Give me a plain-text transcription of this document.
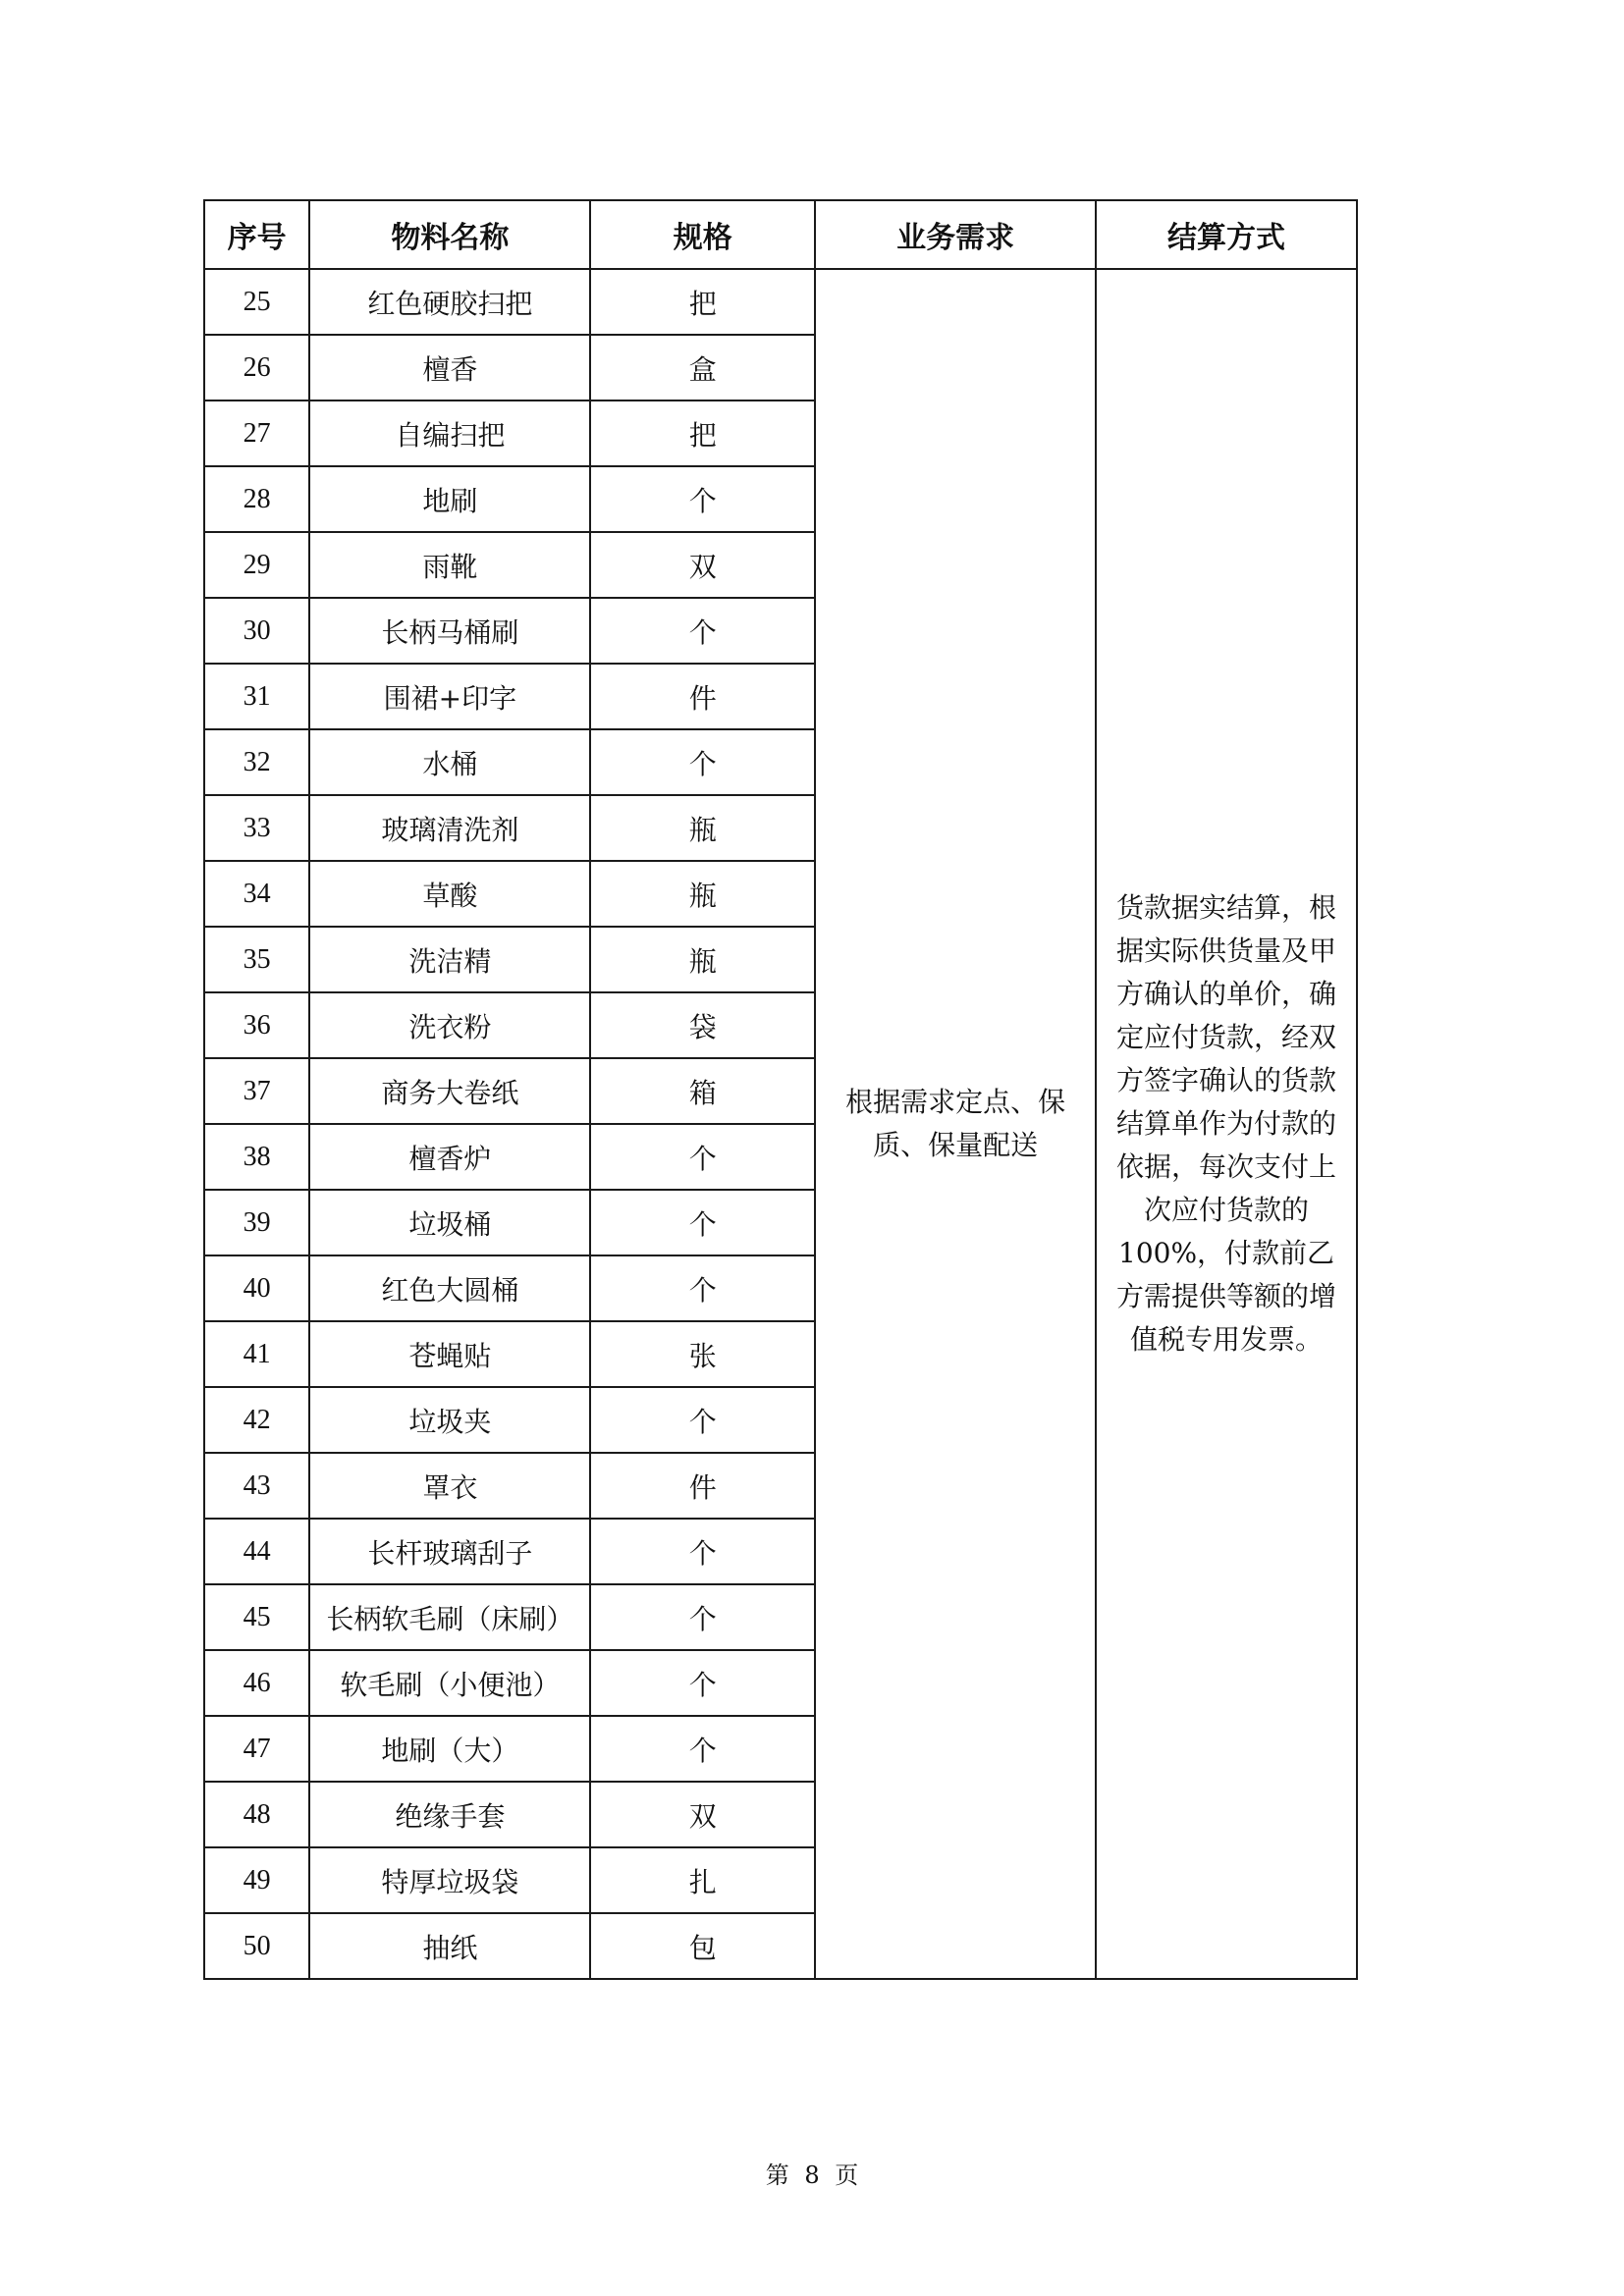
序号	物料名称	规格	业务需求	结算方式
25	红色硬胶扫把	把	根据需求定点、保质、保量配送	货款据实结算，根据实际供货量及甲方确认的单价，确定应付货款，经双方签字确认的货款结算单作为付款的依据，每次支付上次应付货款的100%，付款前乙方需提供等额的增值税专用发票。
26	檀香	盒		
27	自编扫把	把		
28	地刷	个		
29	雨靴	双		
30	长柄马桶刷	个		
31	围裙+印字	件		
32	水桶	个		
33	玻璃清洗剂	瓶		
34	草酸	瓶		
35	洗洁精	瓶		
36	洗衣粉	袋		
37	商务大卷纸	箱		
38	檀香炉	个		
39	垃圾桶	个		
40	红色大圆桶	个		
41	苍蝇贴	张		
42	垃圾夹	个		
43	罩衣	件		
44	长杆玻璃刮子	个		
45	长柄软毛刷（床刷）	个		
46	软毛刷（小便池）	个		
47	地刷（大）	个		
48	绝缘手套	双		
49	特厚垃圾袋	扎		
50	抽纸	包		
第 8 页
